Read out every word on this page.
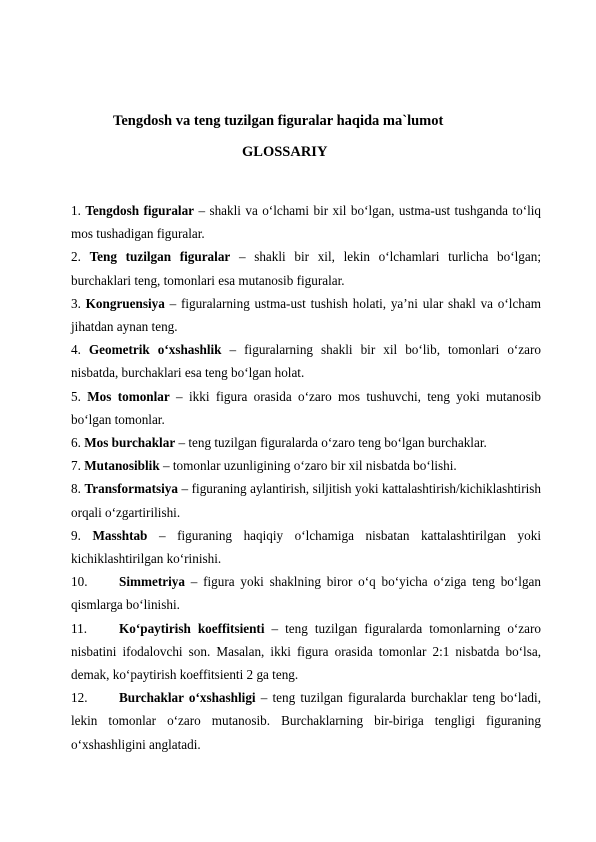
Tengdosh va teng tuzilgan figuralar haqida ma`lumot
GLOSSARIY
1. Tengdosh figuralar – shakli va o‘lchami bir xil bo‘lgan, ustma-ust tushganda to‘liq mos tushadigan figuralar.
2. Teng tuzilgan figuralar – shakli bir xil, lekin o‘lchamlari turlicha bo‘lgan; burchaklari teng, tomonlari esa mutanosib figuralar.
3. Kongruensiya – figuralarning ustma-ust tushish holati, ya’ni ular shakl va o‘lcham jihatdan aynan teng.
4. Geometrik o‘xshashlik – figuralarning shakli bir xil bo‘lib, tomonlari o‘zaro nisbatda, burchaklari esa teng bo‘lgan holat.
5. Mos tomonlar – ikki figura orasida o‘zaro mos tushuvchi, teng yoki mutanosib bo‘lgan tomonlar.
6. Mos burchaklar – teng tuzilgan figuralarda o‘zaro teng bo‘lgan burchaklar.
7. Mutanosiblik – tomonlar uzunligining o‘zaro bir xil nisbatda bo‘lishi.
8. Transformatsiya – figuraning aylantirish, siljitish yoki kattalashtirish/kichiklashtirish orqali o‘zgartirilishi.
9. Masshtab – figuraning haqiqiy o‘lchamiga nisbatan kattalashtirilgan yoki kichiklashtirilgan ko‘rinishi.
10. Simmetriya – figura yoki shaklning biror o‘q bo‘yicha o‘ziga teng bo‘lgan qismlarga bo‘linishi.
11. Ko‘paytirish koeffitsienti – teng tuzilgan figuralarda tomonlarning o‘zaro nisbatini ifodalovchi son. Masalan, ikki figura orasida tomonlar 2:1 nisbatda bo‘lsa, demak, ko‘paytirish koeffitsienti 2 ga teng.
12. Burchaklar o‘xshashligi – teng tuzilgan figuralarda burchaklar teng bo‘ladi, lekin tomonlar o‘zaro mutanosib. Burchaklarning bir-biriga tengligi figuraning o‘xshashligini anglatadi.
